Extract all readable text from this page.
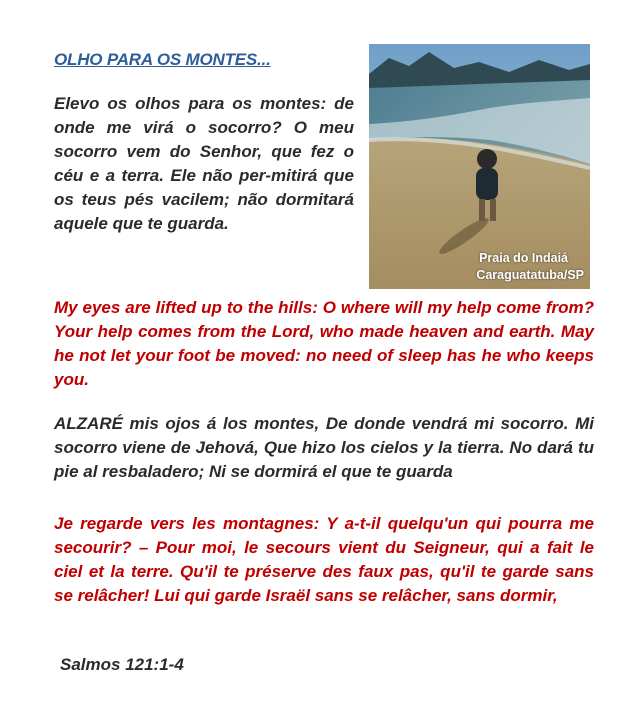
OLHO PARA OS MONTES...
Elevo os olhos para os montes: de onde me virá o socorro? O meu socorro vem do Senhor, que fez o céu e a terra. Ele não per-mitirá que os teus pés vacilem; não dormitará aquele que te guarda.
Praia do Indaiá
Caraguatatuba/SP
My eyes are lifted up to the hills: O where will my help come from? Your help comes from the Lord, who made heaven and earth. May he not let your foot be moved: no need of sleep has he who keeps you.
ALZARÉ mis ojos á los montes, De donde vendrá mi socorro. Mi socorro viene de Jehová, Que hizo los cielos y la tierra. No dará tu pie al resbaladero; Ni se dormirá el que te guarda
Je regarde vers les montagnes: Y a-t-il quelqu'un qui pourra me secourir? – Pour moi, le secours vient du Seigneur, qui a fait le ciel et la terre. Qu'il te préserve des faux pas, qu'il te garde sans se relâcher! Lui qui garde Israël sans se relâcher, sans dormir,
Salmos 121:1-4
